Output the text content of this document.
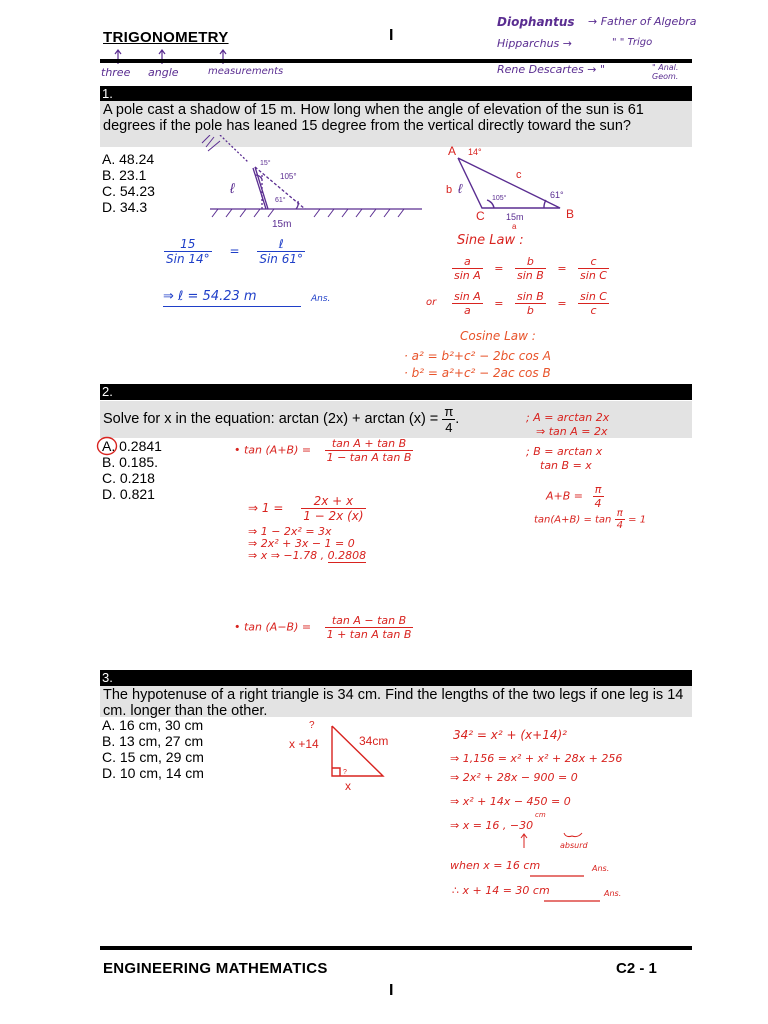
TRIGONOMETRY	I
three angle	measurements
Diophantus → Father of Algebra
Hipparchus →	" " Trigo
Rene Descartes → "	" Anal. Geom.
1.
A pole cast a shadow of 15 m. How long when the angle of elevation of the sun is 61 degrees if the pole has leaned 15 degree from the vertical directly toward the sun?
A. 48.24
B. 23.1
C. 54.23
D. 34.3
ℓ
105°
61°
15°
15m
A 14°
c
b ℓ
105°	61°
C	B
15m
a
$\frac{15}{\text{Sin 14°}} = \frac{\text{ℓ}}{\text{Sin 61°}}$
⇒ ℓ = 54.23 m	Ans.
Sine Law :
$\frac{a}{\text{sin A}} = \frac{b}{\text{sin B}} = \frac{c}{\text{sin C}}$
or $\frac{\text{sin A}}{a} = \frac{\text{sin B}}{b} = \frac{\text{sin C}}{c}$
Cosine Law :
· a² = b²+c² − 2bc cos A
· b² = a²+c² − 2ac cos B
2.
Solve for x in the equation: $\arctan (2x) + \arctan (x) = \frac{\pi}{4}$ .
A. 0.2841
B. 0.185.
C. 0.218
D. 0.821
• $\tan (A+B) = \frac{\text{tan A + tan B}}{\text{1 − tan A tan B}}$
⇒ $1 = \frac{2x + x}{1 - 2x (x)}$
⇒ 1 − 2x² = 3x
⇒ 2x² + 3x − 1 = 0
⇒ x ⇒ −1.78 , 0.2808
; A = arctan 2x
⇒ tan A = 2x
; B = arctan x
tan B = x
$A+B = \frac{\pi}{4}$
$\tan(A+B) = \tan \frac{\pi}{4} = 1$
• $\tan (A-B) = \frac{\text{tan A − tan B}}{\text{1 + tan A tan B}}$
3.
The hypotenuse of a right triangle is 34 cm. Find the lengths of the two legs if one leg is 14 cm. longer than the other.
A. 16 cm, 30 cm
B. 13 cm, 27 cm
C. 15 cm, 29 cm
D. 10 cm, 14 cm
?
x +14	34cm
?
x
34² = x² + (x+14)²
⇒ 1,156 = x² + x² + 28x + 256
⇒ 2x² + 28x − 900 = 0
⇒ x² + 14x − 450 = 0
⇒ x = 16 , −30
cm
absurd
when x = 16 cm	Ans.
∴ x + 14 = 30 cm	Ans.
ENGINEERING MATHEMATICS	C2 - 1
I
